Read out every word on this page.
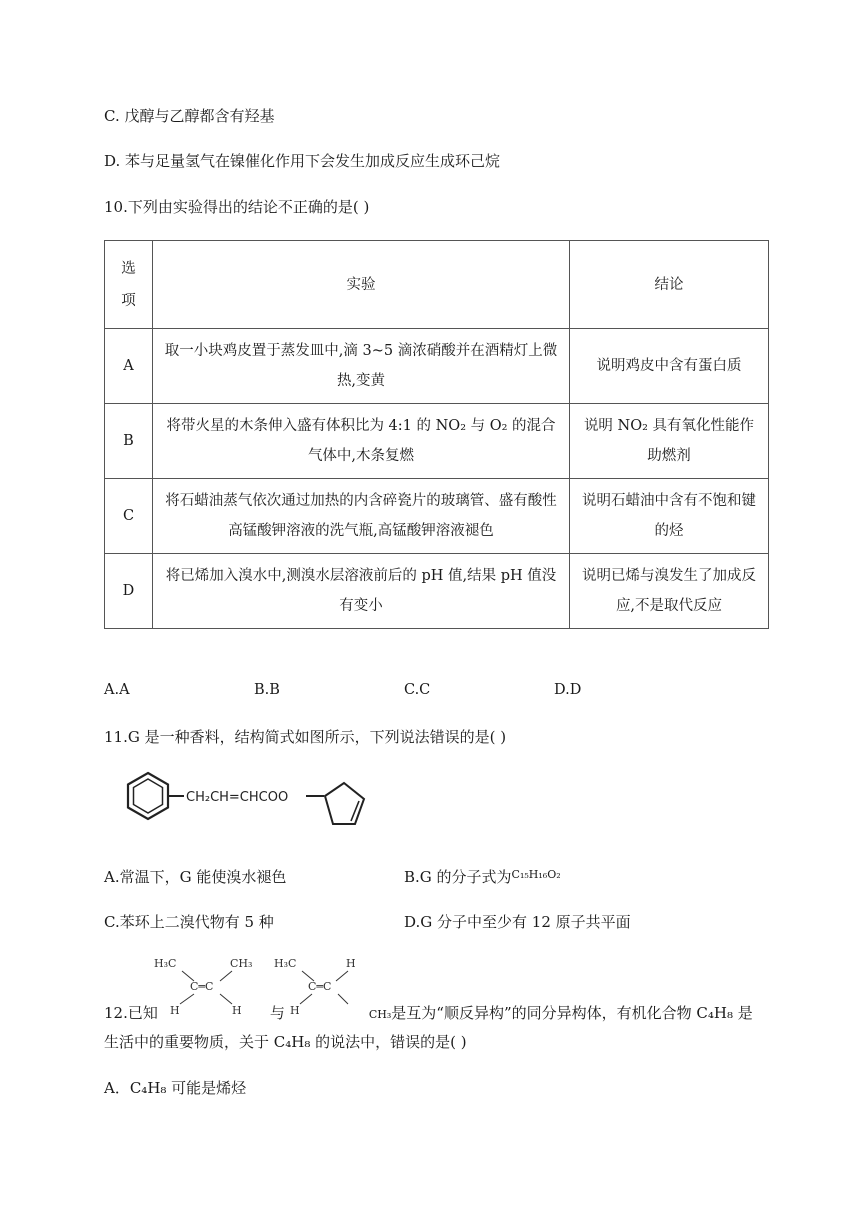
C. 戊醇与乙醇都含有羟基
D. 苯与足量氢气在镍催化作用下会发生加成反应生成环己烷
10.下列由实验得出的结论不正确的是( )
选项	实验	结论
A	取一小块鸡皮置于蒸发皿中,滴 3~5 滴浓硝酸并在酒精灯上微热,变黄	说明鸡皮中含有蛋白质
B	将带火星的木条伸入盛有体积比为 4:1 的 NO₂ 与 O₂ 的混合气体中,木条复燃	说明 NO₂ 具有氧化性能作助燃剂
C	将石蜡油蒸气依次通过加热的内含碎瓷片的玻璃管、盛有酸性高锰酸钾溶液的洗气瓶,高锰酸钾溶液褪色	说明石蜡油中含有不饱和键的烃
D	将已烯加入溴水中,测溴水层溶液前后的 pH 值,结果 pH 值没有变小	说明已烯与溴发生了加成反应,不是取代反应
A.A	B.B	C.C	D.D
11.G 是一种香料，结构简式如图所示，下列说法错误的是( )
CH₂CH=CHCOO
A.常温下，G 能使溴水褪色	B.G 的分子式为$^{C_{15}H_{16}O_2}$
C.苯环上二溴代物有 5 种	D.G 分子中至少有 12 原子共平面
H₃C	CH₃
C═C
H	H
H₃C	H
C═C
H
12.已知	与	CH₃是互为“顺反异构”的同分异构体，有机化合物 C₄H₈ 是
生活中的重要物质，关于 C₄H₈ 的说法中，错误的是( )
A．C₄H₈ 可能是烯烃
